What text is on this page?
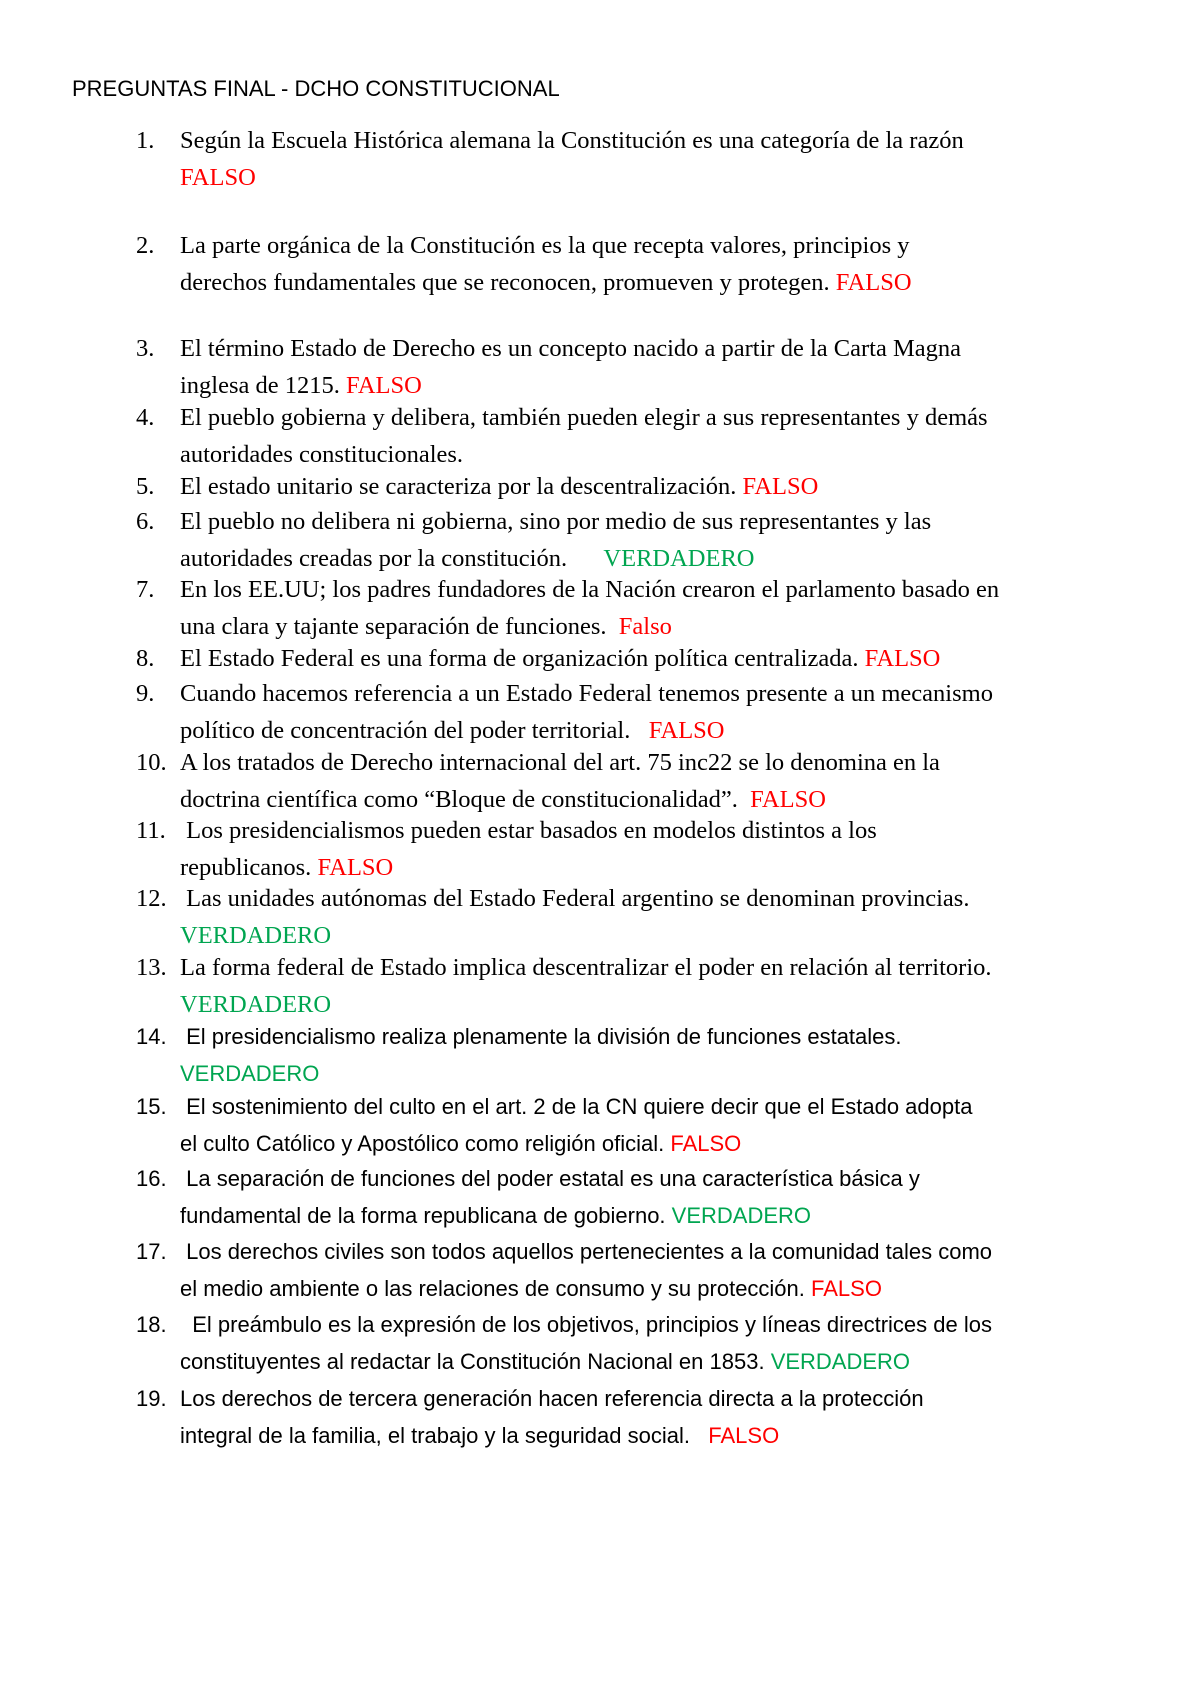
PREGUNTAS FINAL - DCHO CONSTITUCIONAL
1.	Según la Escuela Histórica alemana la Constitución es una categoría de la razón
FALSO
2.	La parte orgánica de la Constitución es la que recepta valores, principios y
derechos fundamentales que se reconocen, promueven y protegen. FALSO
3.	El término Estado de Derecho es un concepto nacido a partir de la Carta Magna
inglesa de 1215. FALSO
4.	El pueblo gobierna y delibera, también pueden elegir a sus representantes y demás
autoridades constitucionales.
5.	El estado unitario se caracteriza por la descentralización. FALSO
6.	El pueblo no delibera ni gobierna, sino por medio de sus representantes y las
autoridades creadas por la constitución.      VERDADERO
7.	En los EE.UU; los padres fundadores de la Nación crearon el parlamento basado en
una clara y tajante separación de funciones.  Falso
8.	El Estado Federal es una forma de organización política centralizada. FALSO
9.	Cuando hacemos referencia a un Estado Federal tenemos presente a un mecanismo
político de concentración del poder territorial.   FALSO
10. A los tratados de Derecho internacional del art. 75 inc22 se lo denomina en la
doctrina científica como “Bloque de constitucionalidad”.  FALSO
11. Los presidencialismos pueden estar basados en modelos distintos a los
republicanos. FALSO
12. Las unidades autónomas del Estado Federal argentino se denominan provincias.
VERDADERO
13. La forma federal de Estado implica descentralizar el poder en relación al territorio.
VERDADERO
14. El presidencialismo realiza plenamente la división de funciones estatales.
VERDADERO
15. El sostenimiento del culto en el art. 2 de la CN quiere decir que el Estado adopta
el culto Católico y Apostólico como religión oficial. FALSO
16. La separación de funciones del poder estatal es una característica básica y
fundamental de la forma republicana de gobierno. VERDADERO
17. Los derechos civiles son todos aquellos pertenecientes a la comunidad tales como
el medio ambiente o las relaciones de consumo y su protección. FALSO
18. El preámbulo es la expresión de los objetivos, principios y líneas directrices de los
constituyentes al redactar la Constitución Nacional en 1853. VERDADERO
19. Los derechos de tercera generación hacen referencia directa a la protección
integral de la familia, el trabajo y la seguridad social.   FALSO
